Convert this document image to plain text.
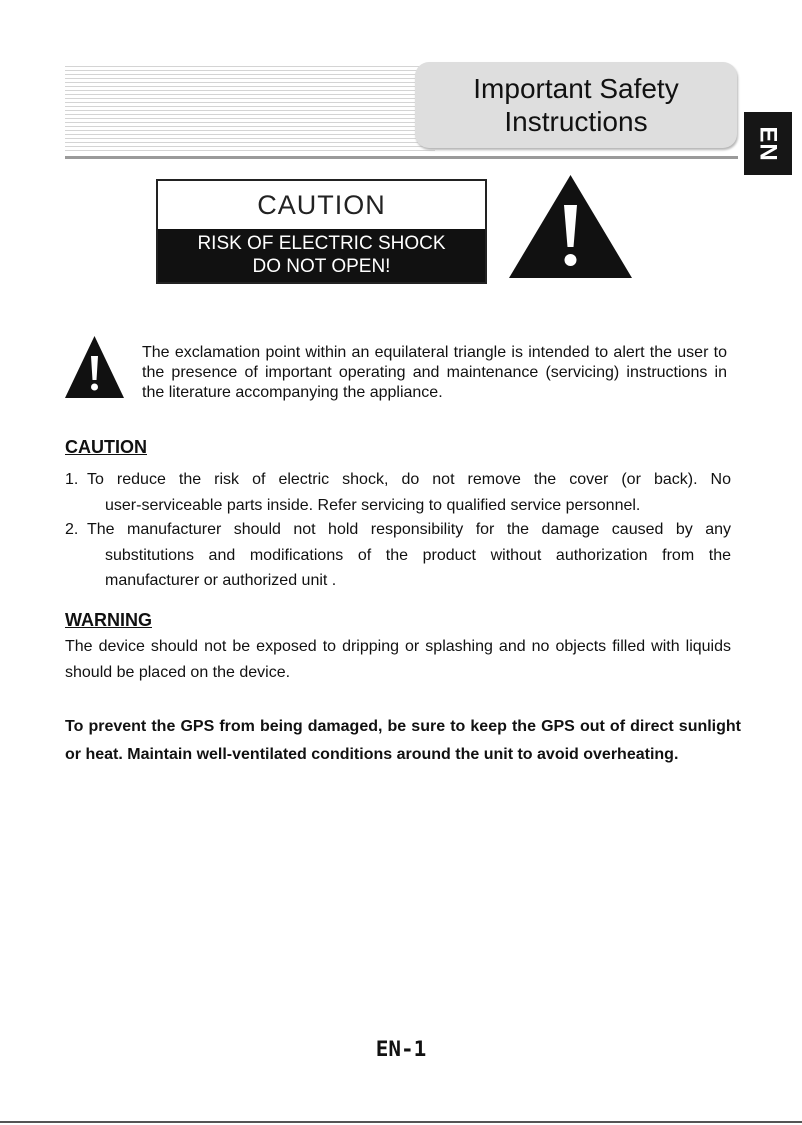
Important Safety
Instructions
EN
CAUTION
RISK OF ELECTRIC SHOCK
DO NOT OPEN!

The exclamation point within an equilateral triangle is intended to alert the user to the presence of important operating and maintenance (servicing) instructions in the literature accompanying the appliance.

CAUTION
1. To reduce the risk of electric shock, do not remove the cover (or back). No
user-serviceable parts inside. Refer servicing to qualified service personnel.
2. The manufacturer should not hold responsibility for the damage caused by any
substitutions and modifications of the product without authorization from the manufacturer or authorized unit .
WARNING

The device should not be exposed to dripping or splashing and no objects filled with liquids should be placed on the device.

To prevent the GPS from being damaged, be sure to keep the GPS out of direct sunlight or heat. Maintain well-ventilated conditions around the unit to avoid overheating.

EN-1
